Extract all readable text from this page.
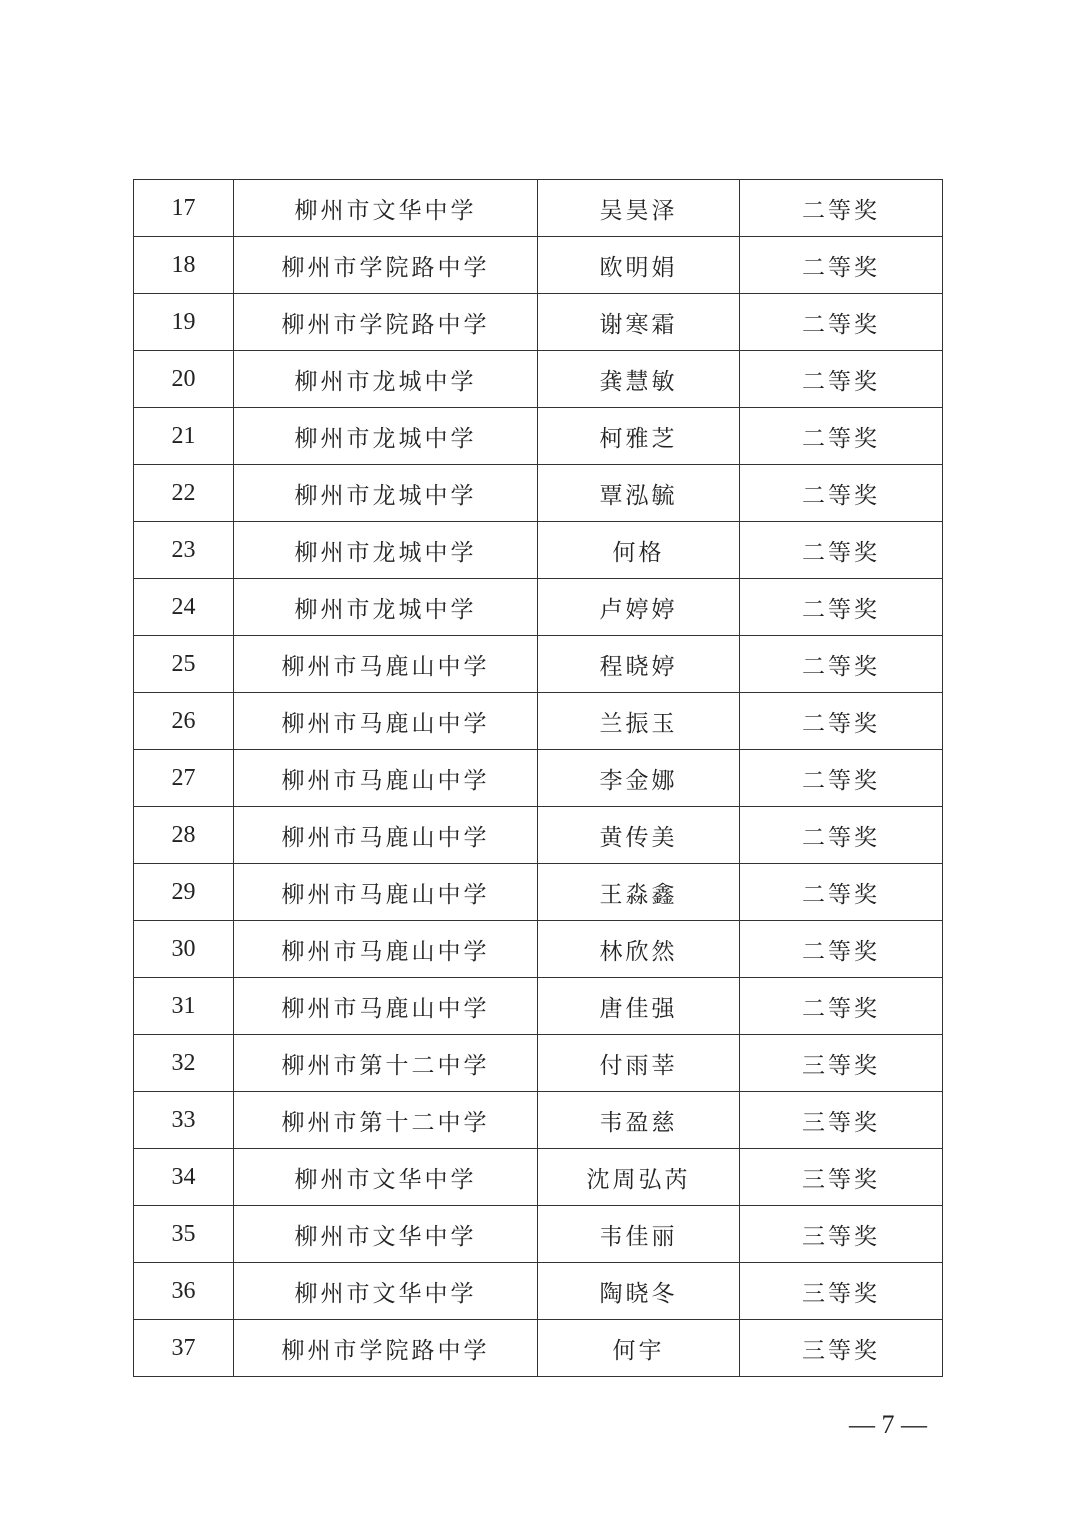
17	柳州市文华中学	吴昊泽	二等奖
18	柳州市学院路中学	欧明娟	二等奖
19	柳州市学院路中学	谢寒霜	二等奖
20	柳州市龙城中学	龚慧敏	二等奖
21	柳州市龙城中学	柯雅芝	二等奖
22	柳州市龙城中学	覃泓毓	二等奖
23	柳州市龙城中学	何格	二等奖
24	柳州市龙城中学	卢婷婷	二等奖
25	柳州市马鹿山中学	程晓婷	二等奖
26	柳州市马鹿山中学	兰振玉	二等奖
27	柳州市马鹿山中学	李金娜	二等奖
28	柳州市马鹿山中学	黄传美	二等奖
29	柳州市马鹿山中学	王淼鑫	二等奖
30	柳州市马鹿山中学	林欣然	二等奖
31	柳州市马鹿山中学	唐佳强	二等奖
32	柳州市第十二中学	付雨莘	三等奖
33	柳州市第十二中学	韦盈慈	三等奖
34	柳州市文华中学	沈周弘芮	三等奖
35	柳州市文华中学	韦佳丽	三等奖
36	柳州市文华中学	陶晓冬	三等奖
37	柳州市学院路中学	何宇	三等奖
— 7 —
